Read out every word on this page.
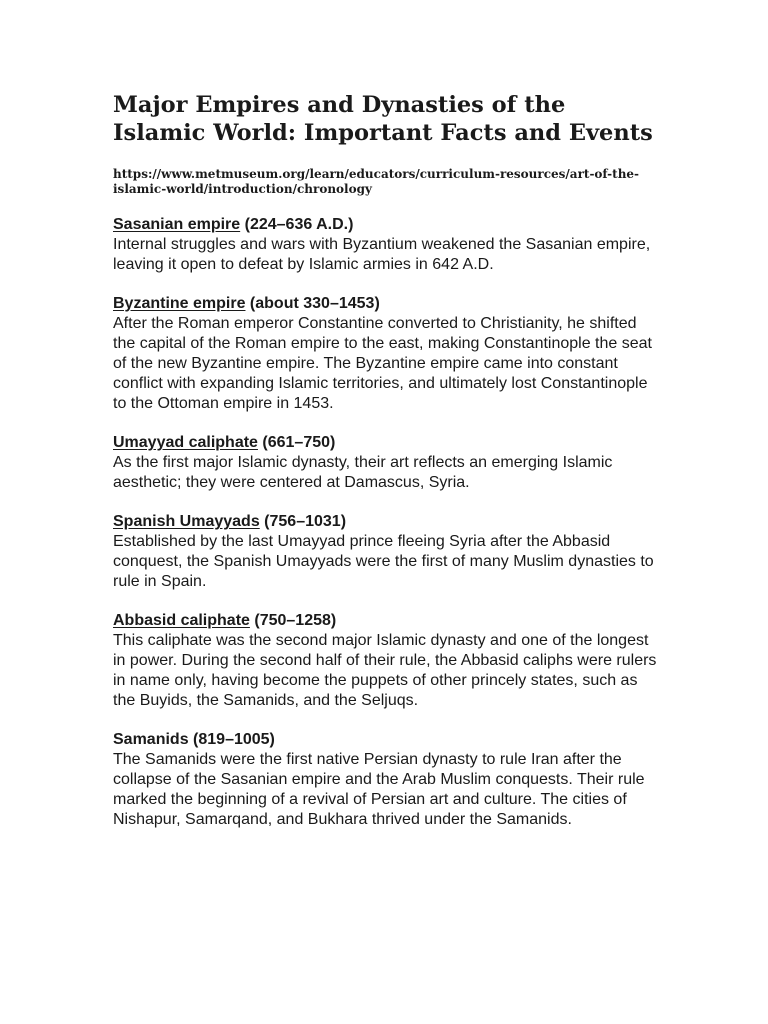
Major Empires and Dynasties of the Islamic World: Important Facts and Events

https://www.metmuseum.org/learn/educators/curriculum-resources/art-of-the-islamic-world/introduction/chronology

Sasanian empire (224–636 A.D.)

Internal struggles and wars with Byzantium weakened the Sasanian empire, leaving it open to defeat by Islamic armies in 642 A.D.

Byzantine empire (about 330–1453)

After the Roman emperor Constantine converted to Christianity, he shifted the capital of the Roman empire to the east, making Constantinople the seat of the new Byzantine empire. The Byzantine empire came into constant conflict with expanding Islamic territories, and ultimately lost Constantinople to the Ottoman empire in 1453.

Umayyad caliphate (661–750)

As the first major Islamic dynasty, their art reflects an emerging Islamic aesthetic; they were centered at Damascus, Syria.

Spanish Umayyads (756–1031)

Established by the last Umayyad prince fleeing Syria after the Abbasid conquest, the Spanish Umayyads were the first of many Muslim dynasties to rule in Spain.

Abbasid caliphate (750–1258)

This caliphate was the second major Islamic dynasty and one of the longest in power. During the second half of their rule, the Abbasid caliphs were rulers in name only, having become the puppets of other princely states, such as the Buyids, the Samanids, and the Seljuqs.

Samanids (819–1005)

The Samanids were the first native Persian dynasty to rule Iran after the collapse of the Sasanian empire and the Arab Muslim conquests. Their rule marked the beginning of a revival of Persian art and culture. The cities of Nishapur, Samarqand, and Bukhara thrived under the Samanids.
